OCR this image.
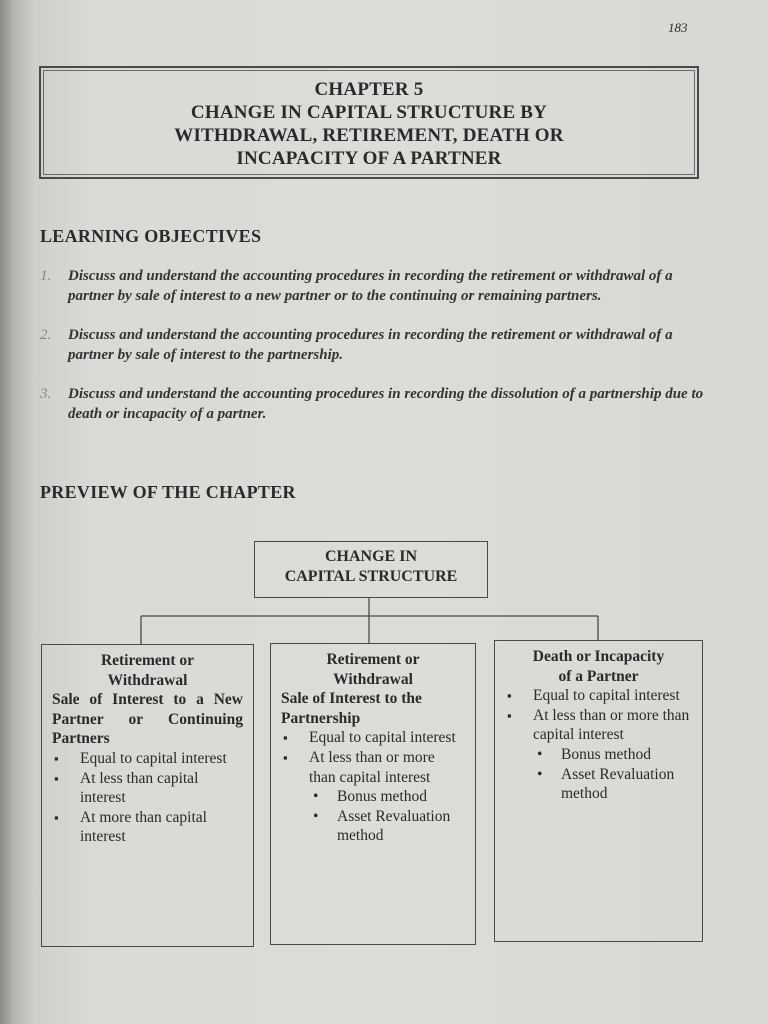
183
CHAPTER 5
CHANGE IN CAPITAL STRUCTURE BY
WITHDRAWAL, RETIREMENT, DEATH OR
INCAPACITY OF A PARTNER
LEARNING OBJECTIVES
1. Discuss and understand the accounting procedures in recording the retirement or withdrawal of a partner by sale of interest to a new partner or to the continuing or remaining partners.
2. Discuss and understand the accounting procedures in recording the retirement or withdrawal of a partner by sale of interest to the partnership.
3. Discuss and understand the accounting procedures in recording the dissolution of a partnership due to death or incapacity of a partner.
PREVIEW OF THE CHAPTER
CHANGE IN
CAPITAL STRUCTURE
Retirement or
Withdrawal
Sale of Interest to a New Partner or Continuing Partners
▪ Equal to capital interest
▪ At less than capital interest
▪ At more than capital interest
Retirement or
Withdrawal
Sale of Interest to the Partnership
▪ Equal to capital interest
▪ At less than or more than capital interest
• Bonus method
• Asset Revaluation method
Death or Incapacity
of a Partner
▪ Equal to capital interest
▪ At less than or more than capital interest
• Bonus method
• Asset Revaluation method
